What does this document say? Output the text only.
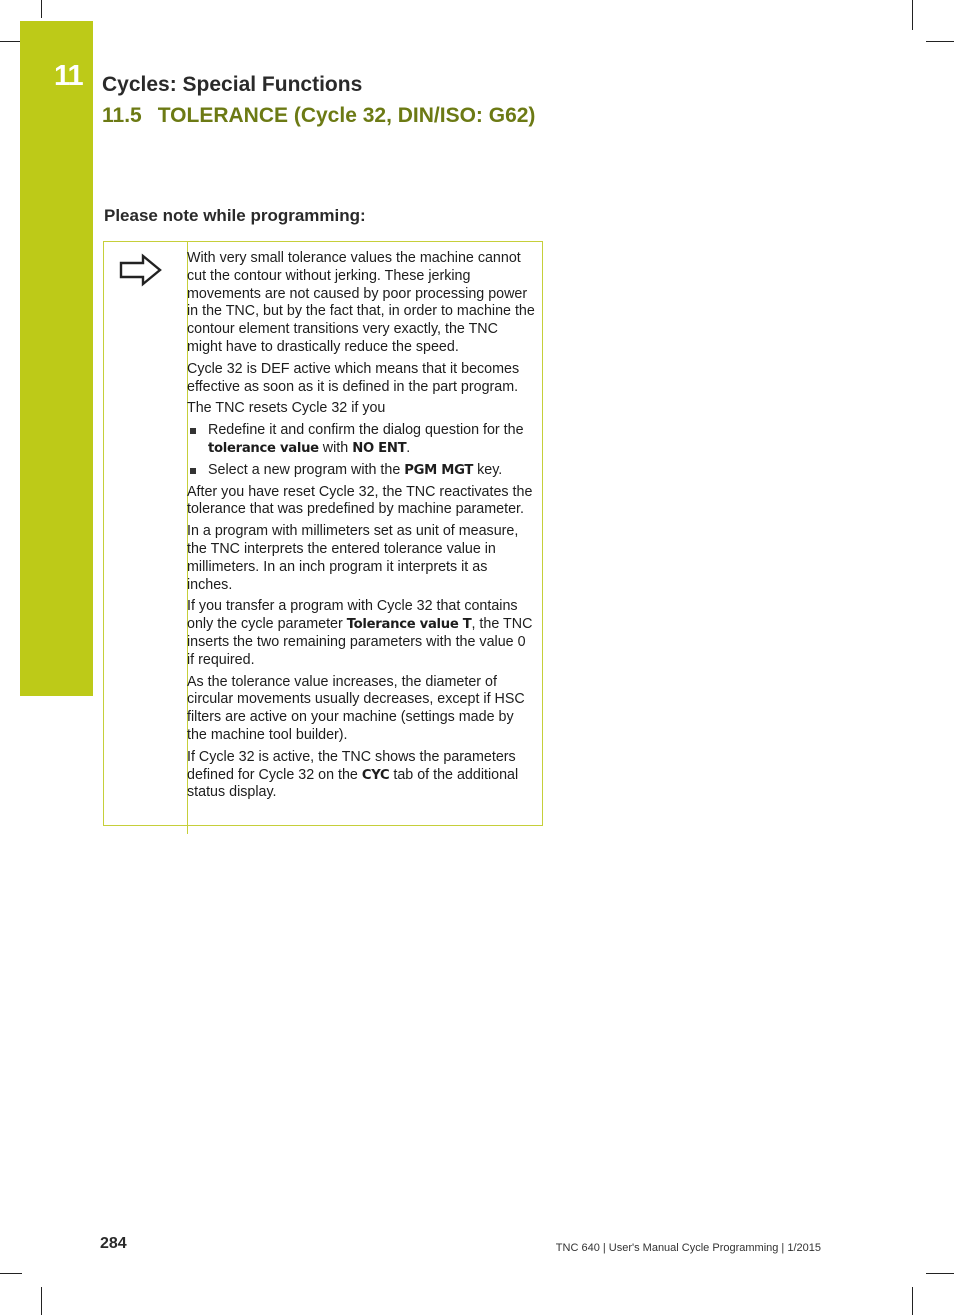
11 Cycles: Special Functions
11.5 TOLERANCE (Cycle 32, DIN/ISO: G62)
Please note while programming:

With very small tolerance values the machine cannot cut the contour without jerking. These jerking movements are not caused by poor processing power in the TNC, but by the fact that, in order to machine the contour element transitions very exactly, the TNC might have to drastically reduce the speed.

Cycle 32 is DEF active which means that it becomes effective as soon as it is defined in the part program.

The TNC resets Cycle 32 if you

Redefine it and confirm the dialog question for the tolerance value with NO ENT.
Select a new program with the PGM MGT key.

After you have reset Cycle 32, the TNC reactivates the tolerance that was predefined by machine parameter.

In a program with millimeters set as unit of measure, the TNC interprets the entered tolerance value in millimeters. In an inch program it interprets it as inches.

If you transfer a program with Cycle 32 that contains only the cycle parameter Tolerance value T, the TNC inserts the two remaining parameters with the value 0 if required.

As the tolerance value increases, the diameter of circular movements usually decreases, except if HSC filters are active on your machine (settings made by the machine tool builder).

If Cycle 32 is active, the TNC shows the parameters defined for Cycle 32 on the CYC tab of the additional status display.

284	TNC 640 | User's Manual Cycle Programming | 1/2015
